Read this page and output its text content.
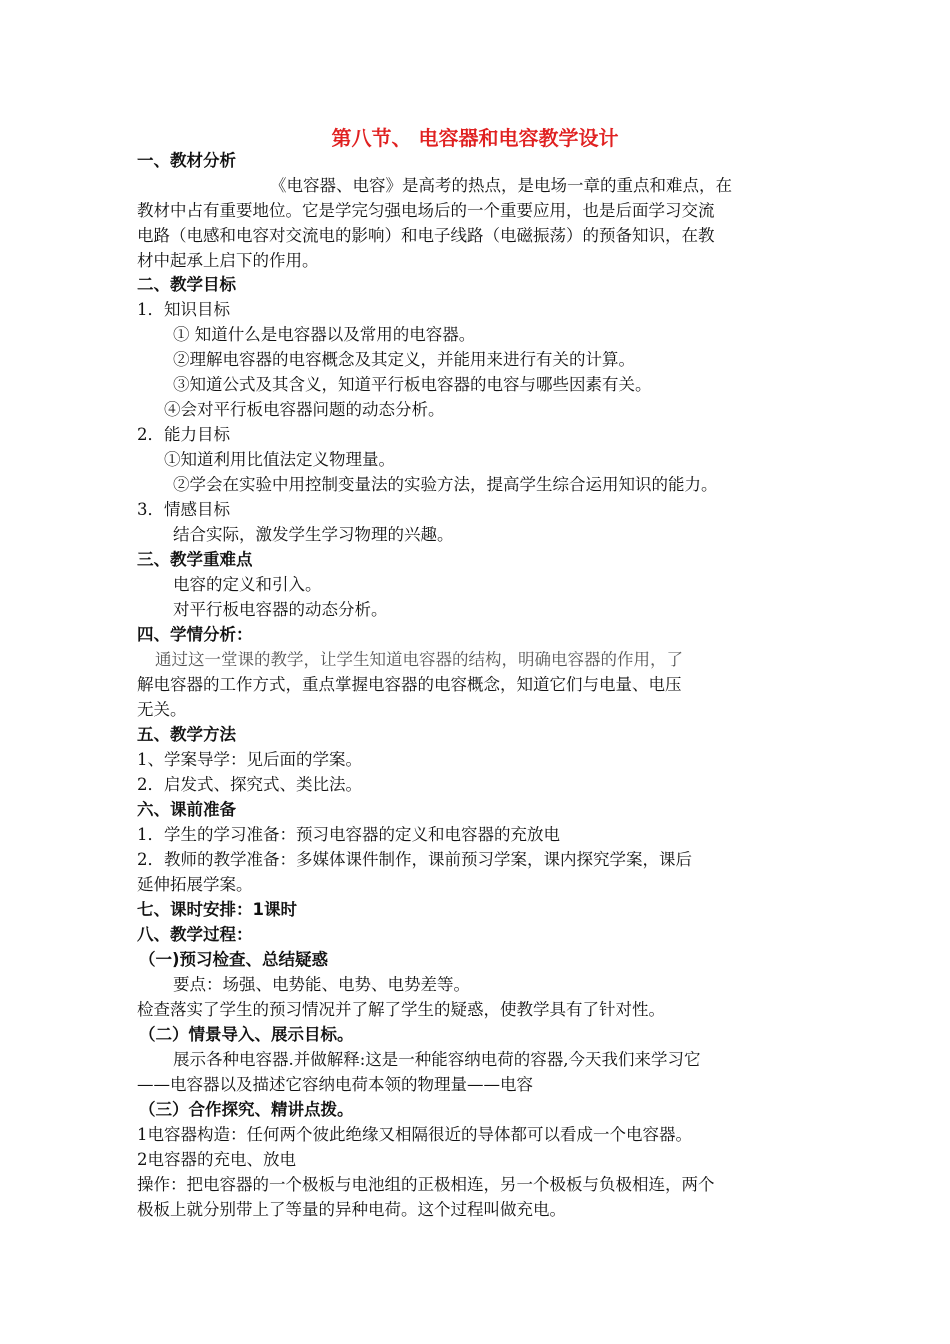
第八节、 电容器和电容教学设计
一、教材分析
《电容器、电容》是高考的热点，是电场一章的重点和难点，在
教材中占有重要地位。它是学完匀强电场后的一个重要应用，也是后面学习交流
电路（电感和电容对交流电的影响）和电子线路（电磁振荡）的预备知识，在教
材中起承上启下的作用。
二、教学目标
1．知识目标
① 知道什么是电容器以及常用的电容器。
②理解电容器的电容概念及其定义，并能用来进行有关的计算。
③知道公式及其含义，知道平行板电容器的电容与哪些因素有关。
④会对平行板电容器问题的动态分析。
2．能力目标
①知道利用比值法定义物理量。
②学会在实验中用控制变量法的实验方法，提高学生综合运用知识的能力。
3．情感目标
结合实际，激发学生学习物理的兴趣。
三、教学重难点
电容的定义和引入。
对平行板电容器的动态分析。
四、学情分析：
通过这一堂课的教学，让学生知道电容器的结构，明确电容器的作用，了
解电容器的工作方式，重点掌握电容器的电容概念，知道它们与电量、电压
无关。
五、教学方法
1、学案导学：见后面的学案。
2．启发式、探究式、类比法。
六、课前准备
1．学生的学习准备：预习电容器的定义和电容器的充放电
2．教师的教学准备：多媒体课件制作，课前预习学案，课内探究学案，课后
延伸拓展学案。
七、课时安排：1课时
八、教学过程：
（一)预习检查、总结疑惑
要点：场强、电势能、电势、电势差等。
检查落实了学生的预习情况并了解了学生的疑惑，使教学具有了针对性。
（二）情景导入、展示目标。
展示各种电容器.并做解释:这是一种能容纳电荷的容器,今天我们来学习它
——电容器以及描述它容纳电荷本领的物理量——电容
（三）合作探究、精讲点拨。
1电容器构造：任何两个彼此绝缘又相隔很近的导体都可以看成一个电容器。
2电容器的充电、放电
操作：把电容器的一个极板与电池组的正极相连，另一个极板与负极相连，两个
极板上就分别带上了等量的异种电荷。这个过程叫做充电。
